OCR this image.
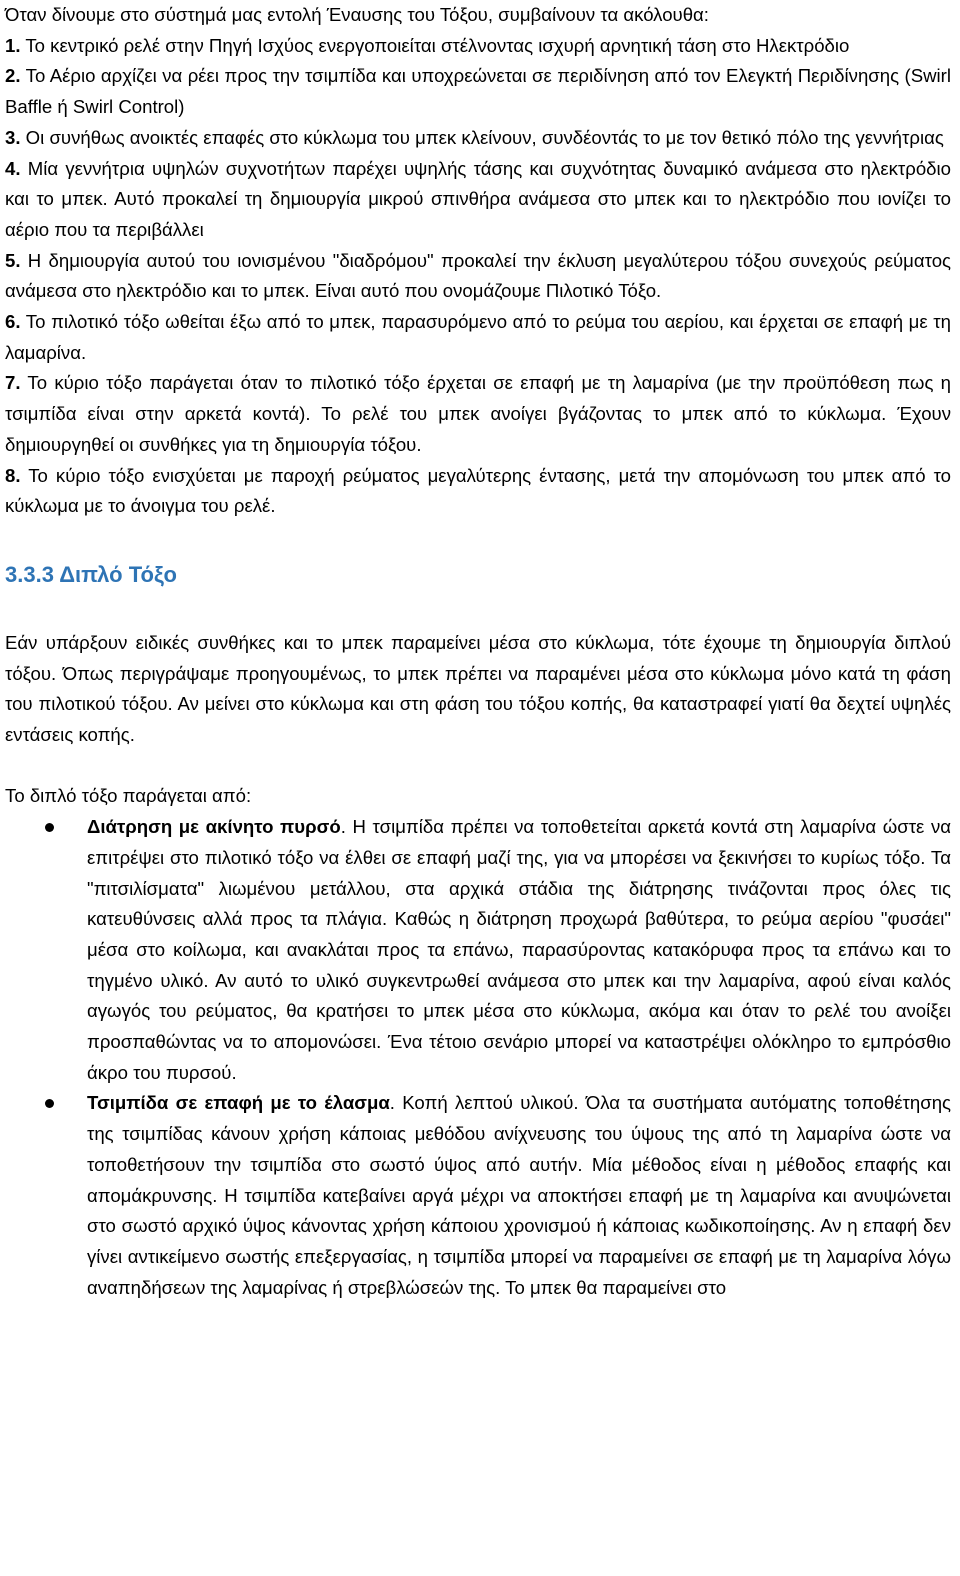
Όταν δίνουμε στο σύστημά μας εντολή Έναυσης του Τόξου, συμβαίνουν τα ακόλουθα:

1. Το κεντρικό ρελέ στην Πηγή Ισχύος ενεργοποιείται στέλνοντας ισχυρή αρνητική τάση στο Ηλεκτρόδιο

2. Το Αέριο αρχίζει να ρέει προς την τσιμπίδα και υποχρεώνεται σε περιδίνηση από τον Ελεγκτή Περιδίνησης (Swirl Baffle ή Swirl Control)

3. Οι συνήθως ανοικτές επαφές στο κύκλωμα του μπεκ κλείνουν, συνδέοντάς το με τον θετικό πόλο της γεννήτριας

4. Μία γεννήτρια υψηλών συχνοτήτων παρέχει υψηλής τάσης και συχνότητας δυναμικό ανάμεσα στο ηλεκτρόδιο και το μπεκ. Αυτό προκαλεί τη δημιουργία μικρού σπινθήρα ανάμεσα στο μπεκ και το ηλεκτρόδιο που ιονίζει το αέριο που τα περιβάλλει

5. Η δημιουργία αυτού του ιονισμένου "διαδρόμου" προκαλεί την έκλυση μεγαλύτερου τόξου συνεχούς ρεύματος ανάμεσα στο ηλεκτρόδιο και το μπεκ. Είναι αυτό που ονομάζουμε Πιλοτικό Τόξο.

6. Το πιλοτικό τόξο ωθείται έξω από το μπεκ, παρασυρόμενο από το ρεύμα του αερίου, και έρχεται σε επαφή με τη λαμαρίνα.

7. Το κύριο τόξο παράγεται όταν το πιλοτικό τόξο έρχεται σε επαφή με τη λαμαρίνα (με την προϋπόθεση πως η τσιμπίδα είναι στην αρκετά κοντά). Το ρελέ του μπεκ ανοίγει βγάζοντας το μπεκ από το κύκλωμα. Έχουν δημιουργηθεί οι συνθήκες για τη δημιουργία τόξου.

8. Το κύριο τόξο ενισχύεται με παροχή ρεύματος μεγαλύτερης έντασης, μετά την απομόνωση του μπεκ από το κύκλωμα με το άνοιγμα του ρελέ.

3.3.3 Διπλό Τόξο

Εάν υπάρξουν ειδικές συνθήκες και το μπεκ παραμείνει μέσα στο κύκλωμα, τότε έχουμε τη δημιουργία διπλού τόξου. Όπως περιγράψαμε προηγουμένως, το μπεκ πρέπει να παραμένει μέσα στο κύκλωμα μόνο κατά τη φάση του πιλοτικού τόξου. Αν μείνει στο κύκλωμα και στη φάση του τόξου κοπής, θα καταστραφεί γιατί θα δεχτεί υψηλές εντάσεις κοπής.

Το διπλό τόξο παράγεται από:

Διάτρηση με ακίνητο πυρσό. Η τσιμπίδα πρέπει να τοποθετείται αρκετά κοντά στη λαμαρίνα ώστε να επιτρέψει στο πιλοτικό τόξο να έλθει σε επαφή μαζί της, για να μπορέσει να ξεκινήσει το κυρίως τόξο. Τα "πιτσιλίσματα" λιωμένου μετάλλου, στα αρχικά στάδια της διάτρησης τινάζονται προς όλες τις κατευθύνσεις αλλά προς τα πλάγια. Καθώς η διάτρηση προχωρά βαθύτερα, το ρεύμα αερίου "φυσάει" μέσα στο κοίλωμα, και ανακλάται προς τα επάνω, παρασύροντας κατακόρυφα προς τα επάνω και το τηγμένο υλικό. Αν αυτό το υλικό συγκεντρωθεί ανάμεσα στο μπεκ και την λαμαρίνα, αφού είναι καλός αγωγός του ρεύματος, θα κρατήσει το μπεκ μέσα στο κύκλωμα, ακόμα και όταν το ρελέ του ανοίξει προσπαθώντας να το απομονώσει. Ένα τέτοιο σενάριο μπορεί να καταστρέψει ολόκληρο το εμπρόσθιο άκρο του πυρσού.
Τσιμπίδα σε επαφή με το έλασμα. Κοπή λεπτού υλικού. Όλα τα συστήματα αυτόματης τοποθέτησης της τσιμπίδας κάνουν χρήση κάποιας μεθόδου ανίχνευσης του ύψους της από τη λαμαρίνα ώστε να τοποθετήσουν την τσιμπίδα στο σωστό ύψος από αυτήν. Μία μέθοδος είναι η μέθοδος επαφής και απομάκρυνσης. Η τσιμπίδα κατεβαίνει αργά μέχρι να αποκτήσει επαφή με τη λαμαρίνα και ανυψώνεται στο σωστό αρχικό ύψος κάνοντας χρήση κάποιου χρονισμού ή κάποιας κωδικοποίησης. Αν η επαφή δεν γίνει αντικείμενο σωστής επεξεργασίας, η τσιμπίδα μπορεί να παραμείνει σε επαφή με τη λαμαρίνα λόγω αναπηδήσεων της λαμαρίνας ή στρεβλώσεών της. Το μπεκ θα παραμείνει στο
